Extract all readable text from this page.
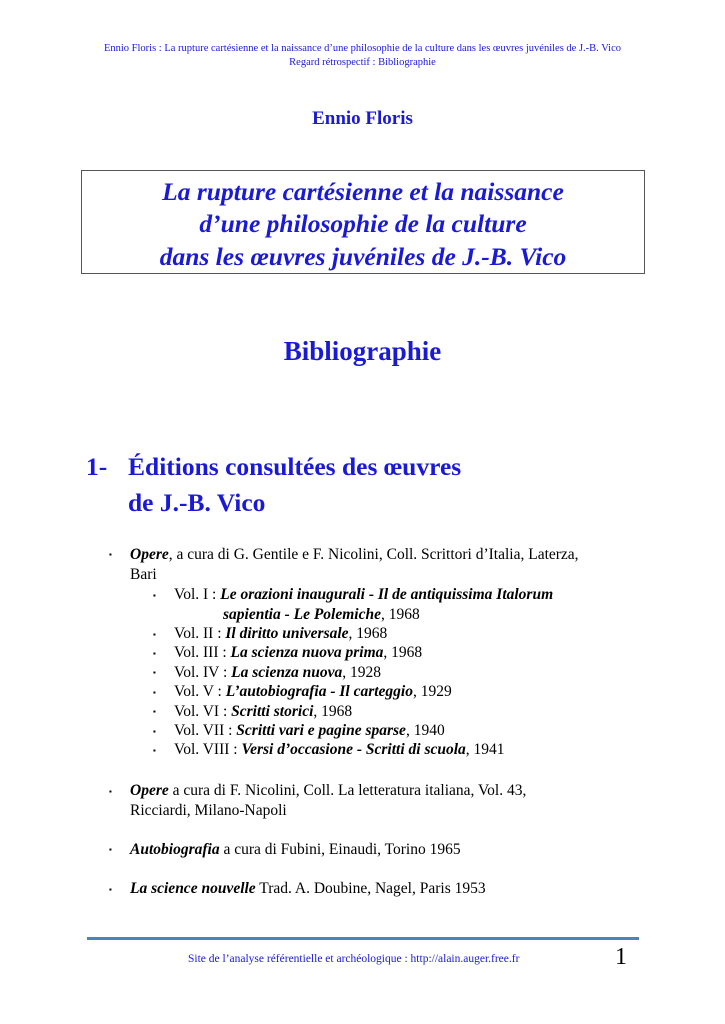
Ennio Floris : La rupture cartésienne et la naissance d’une philosophie de la culture dans les œuvres juvéniles de J.-B. Vico
Regard rétrospectif : Bibliographie
Ennio Floris
La rupture cartésienne et la naissance
d’une philosophie de la culture
dans les œuvres juvéniles de J.-B. Vico
Bibliographie
1- Éditions consultées des œuvres
de J.-B. Vico
▪ Opere, a cura di G. Gentile e F. Nicolini, Coll. Scrittori d’Italia, Laterza,
Bari
▪ Vol. I : Le orazioni inaugurali - Il de antiquissima Italorum
sapientia - Le Polemiche, 1968
▪ Vol. II : Il diritto universale, 1968
▪ Vol. III : La scienza nuova prima, 1968
▪ Vol. IV : La scienza nuova, 1928
▪ Vol. V : L’autobiografia - Il carteggio, 1929
▪ Vol. VI : Scritti storici, 1968
▪ Vol. VII : Scritti vari e pagine sparse, 1940
▪ Vol. VIII : Versi d’occasione - Scritti di scuola, 1941
▪ Opere a cura di F. Nicolini, Coll. La letteratura italiana, Vol. 43,
Ricciardi, Milano-Napoli
▪ Autobiografia a cura di Fubini, Einaudi, Torino 1965
▪ La science nouvelle Trad. A. Doubine, Nagel, Paris 1953
Site de l’analyse référentielle et archéologique : http://alain.auger.free.fr	1
